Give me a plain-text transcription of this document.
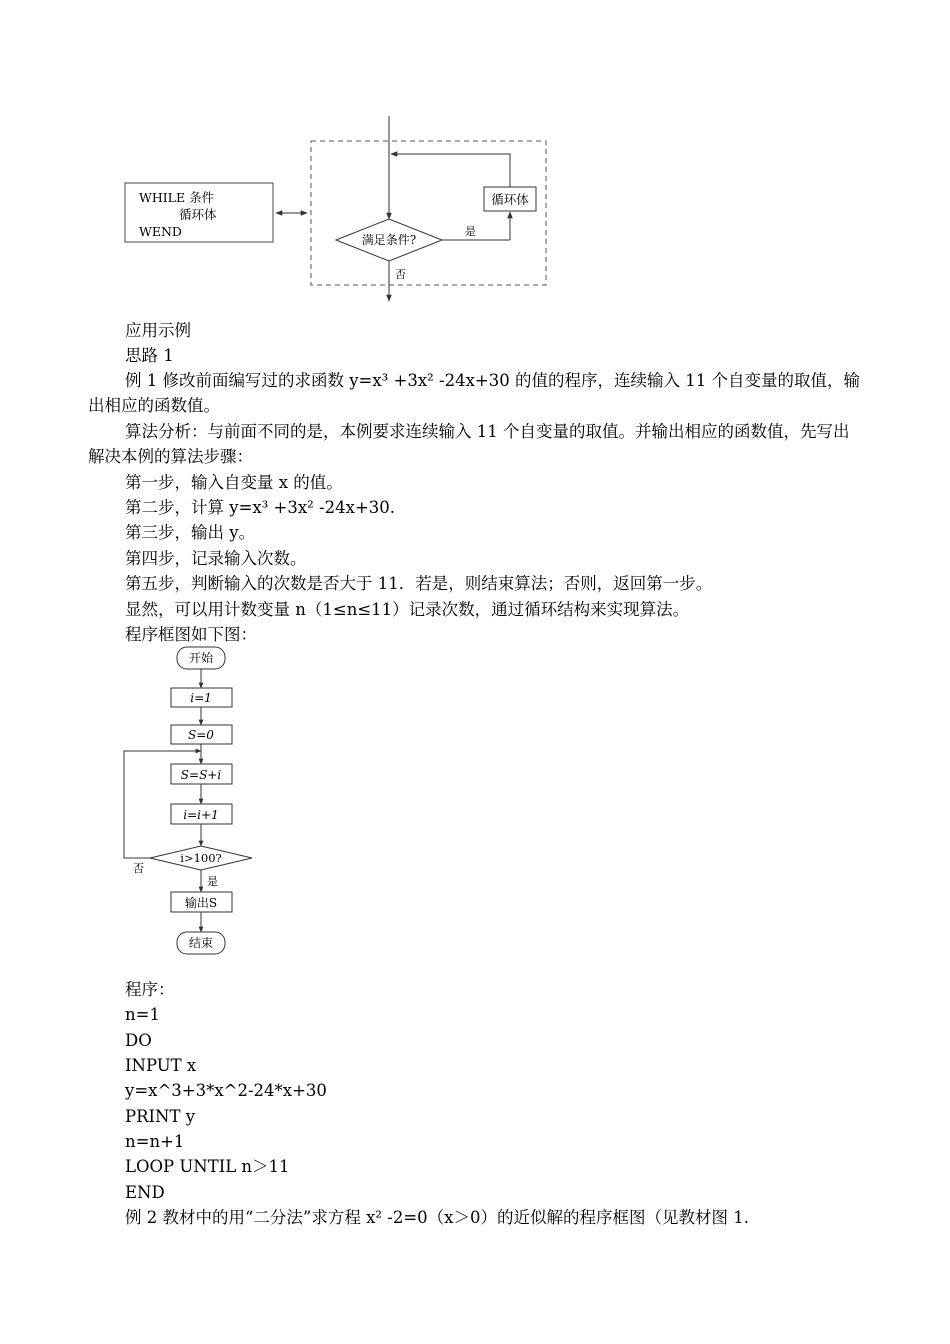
WHILE 条件
循环体
WEND
满足条件?
是
循环体
否

应用示例

思路 1

例 1 修改前面编写过的求函数 y=x³ +3x² -24x+30 的值的程序，连续输入 11 个自变量的取值，输出相应的函数值。

算法分析：与前面不同的是，本例要求连续输入 11 个自变量的取值。并输出相应的函数值，先写出解决本例的算法步骤：

第一步，输入自变量 x 的值。

第二步，计算 y=x³ +3x² -24x+30.

第三步，输出 y。

第四步，记录输入次数。

第五步，判断输入的次数是否大于 11．若是，则结束算法；否则，返回第一步。

显然，可以用计数变量 n（1≤n≤11）记录次数，通过循环结构来实现算法。

程序框图如下图：

开始
i=1
S=0
S=S+i
i=i+1
i>100?
否
是
输出S
结束

程序：

n=1

DO

INPUT x

y=x^3+3*x^2-24*x+30

PRINT y

n=n+1

LOOP UNTIL n＞11

END

例 2 教材中的用“二分法”求方程 x² -2=0（x＞0）的近似解的程序框图（见教材图 1.
